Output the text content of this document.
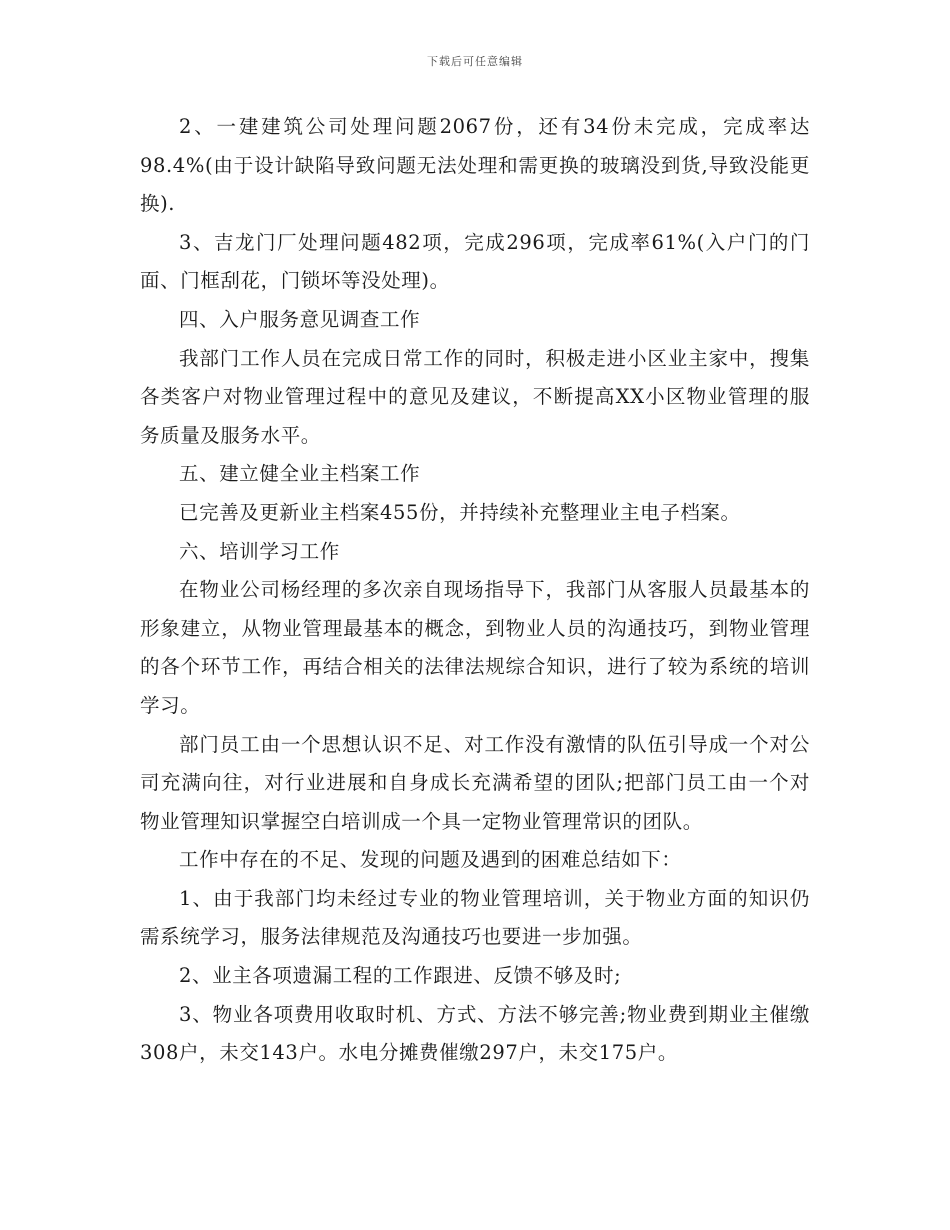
下载后可任意编辑

2、一建建筑公司处理问题2067份，还有34份未完成，完成率达98.4%(由于设计缺陷导致问题无法处理和需更换的玻璃没到货,导致没能更换).

3、吉龙门厂处理问题482项，完成296项，完成率61%(入户门的门面、门框刮花，门锁坏等没处理)。

四、入户服务意见调查工作

我部门工作人员在完成日常工作的同时，积极走进小区业主家中，搜集各类客户对物业管理过程中的意见及建议，不断提高XX小区物业管理的服务质量及服务水平。

五、建立健全业主档案工作

已完善及更新业主档案455份，并持续补充整理业主电子档案。

六、培训学习工作

在物业公司杨经理的多次亲自现场指导下，我部门从客服人员最基本的形象建立，从物业管理最基本的概念，到物业人员的沟通技巧，到物业管理的各个环节工作，再结合相关的法律法规综合知识，进行了较为系统的培训学习。

部门员工由一个思想认识不足、对工作没有激情的队伍引导成一个对公司充满向往，对行业进展和自身成长充满希望的团队;把部门员工由一个对物业管理知识掌握空白培训成一个具一定物业管理常识的团队。

工作中存在的不足、发现的问题及遇到的困难总结如下：

1、由于我部门均未经过专业的物业管理培训，关于物业方面的知识仍需系统学习，服务法律规范及沟通技巧也要进一步加强。

2、业主各项遗漏工程的工作跟进、反馈不够及时;

3、物业各项费用收取时机、方式、方法不够完善;物业费到期业主催缴308户，未交143户。水电分摊费催缴297户，未交175户。
